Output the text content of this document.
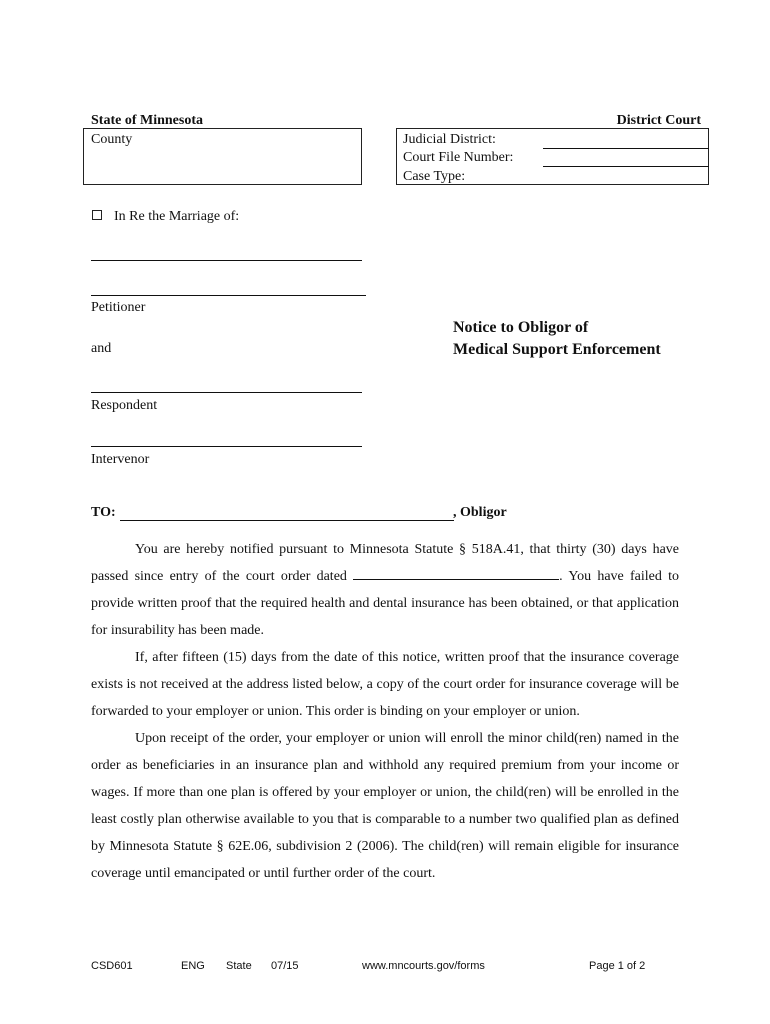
State of Minnesota	District Court
County	Judicial District:
Court File Number:
Case Type:
In Re the Marriage of:
Petitioner
and
Respondent
Intervenor
Notice to Obligor of
Medical Support Enforcement
TO:	, Obligor

You are hereby notified pursuant to Minnesota Statute § 518A.41, that thirty (30) days have passed since entry of the court order dated	. You have failed to provide written proof that the required health and dental insurance has been obtained, or that application for insurability has been made.

If, after fifteen (15) days from the date of this notice, written proof that the insurance coverage exists is not received at the address listed below, a copy of the court order for insurance coverage will be forwarded to your employer or union. This order is binding on your employer or union.

Upon receipt of the order, your employer or union will enroll the minor child(ren) named in the order as beneficiaries in an insurance plan and withhold any required premium from your income or wages. If more than one plan is offered by your employer or union, the child(ren) will be enrolled in the least costly plan otherwise available to you that is comparable to a number two qualified plan as defined by Minnesota Statute § 62E.06, subdivision 2 (2006). The child(ren) will remain eligible for insurance coverage until emancipated or until further order of the court.

CSD601	ENG State 07/15	www.mncourts.gov/forms	Page 1 of 2
